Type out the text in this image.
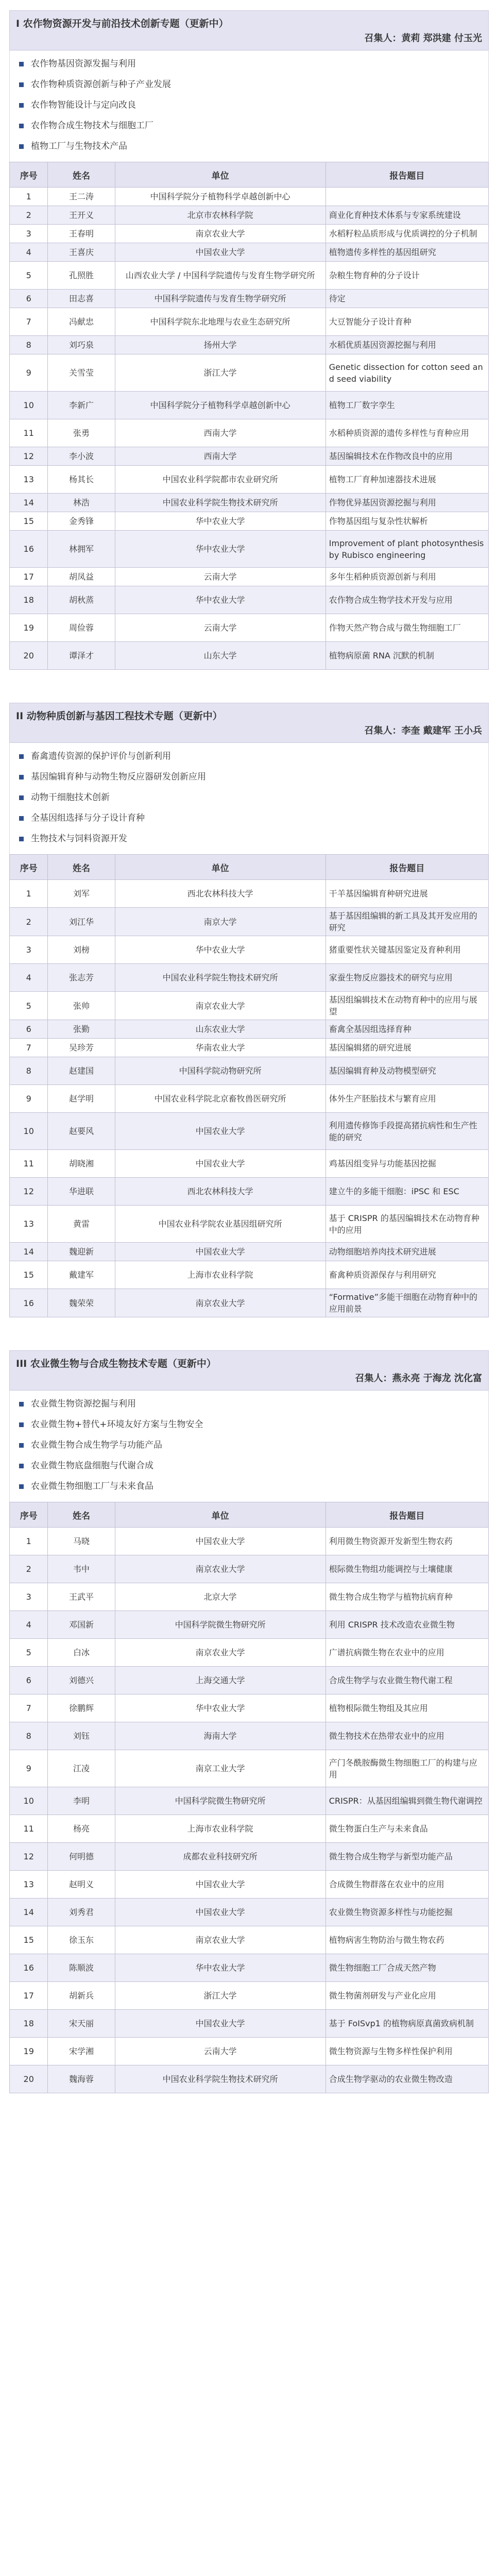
I 农作物资源开发与前沿技术创新专题（更新中）
召集人：黄莉 郑洪建 付玉光
农作物基因资源发掘与利用
农作物种质资源创新与种子产业发展
农作物智能设计与定向改良
农作物合成生物技术与细胞工厂
植物工厂与生物技术产品
序号	姓名	单位	报告题目
1	王二涛	中国科学院分子植物科学卓越创新中心	
2	王开义	北京市农林科学院	商业化育种技术体系与专家系统建设
3	王春明	南京农业大学	水稻籽粒品质形成与优质调控的分子机制
4	王喜庆	中国农业大学	植物遗传多样性的基因组研究
5	孔照胜	山西农业大学 / 中国科学院遗传与发育生物学研究所	杂粮生物育种的分子设计
6	田志喜	中国科学院遗传与发育生物学研究所	待定
7	冯献忠	中国科学院东北地理与农业生态研究所	大豆智能分子设计育种
8	刘巧泉	扬州大学	水稻优质基因资源挖掘与利用
9	关雪莹	浙江大学	Genetic dissection for cotton seed and seed viability
10	李新广	中国科学院分子植物科学卓越创新中心	植物工厂数字孪生
11	张勇	西南大学	水稻种质资源的遗传多样性与育种应用
12	李小波	西南大学	基因编辑技术在作物改良中的应用
13	杨其长	中国农业科学院都市农业研究所	植物工厂育种加速器技术进展
14	林浩	中国农业科学院生物技术研究所	作物优异基因资源挖掘与利用
15	金秀锋	华中农业大学	作物基因组与复杂性状解析
16	林拥军	华中农业大学	Improvement of plant photosynthesis by Rubisco engineering
17	胡凤益	云南大学	多年生稻种质资源创新与利用
18	胡秋蒸	华中农业大学	农作物合成生物学技术开发与应用
19	周俭蓉	云南大学	作物天然产物合成与微生物细胞工厂
20	谭泽才	山东大学	植物病原菌 RNA 沉默的机制
II 动物种质创新与基因工程技术专题（更新中）
召集人：李奎 戴建军 王小兵
畜禽遗传资源的保护评价与创新利用
基因编辑育种与动物生物反应器研发创新应用
动物干细胞技术创新
全基因组选择与分子设计育种
生物技术与饲料资源开发
序号	姓名	单位	报告题目
1	刘军	西北农林科技大学	干羊基因编辑育种研究进展
2	刘江华	南京大学	基于基因组编辑的新工具及其开发应用的研究
3	刘榜	华中农业大学	猪重要性状关键基因鉴定及育种利用
4	张志芳	中国农业科学院生物技术研究所	家蚕生物反应器技术的研究与应用
5	张帅	南京农业大学	基因组编辑技术在动物育种中的应用与展望
6	张勤	山东农业大学	畜禽全基因组选择育种
7	吴珍芳	华南农业大学	基因编辑猪的研究进展
8	赵建国	中国科学院动物研究所	基因编辑育种及动物模型研究
9	赵学明	中国农业科学院北京畜牧兽医研究所	体外生产胚胎技术与繁育应用
10	赵要风	中国农业大学	利用遗传修饰手段提高猪抗病性和生产性能的研究
11	胡晓湘	中国农业大学	鸡基因组变异与功能基因挖掘
12	华进联	西北农林科技大学	建立牛的多能干细胞：iPSC 和 ESC
13	黄雷	中国农业科学院农业基因组研究所	基于 CRISPR 的基因编辑技术在动物育种中的应用
14	魏迎新	中国农业大学	动物细胞培养肉技术研究进展
15	戴建军	上海市农业科学院	畜禽种质资源保存与利用研究
16	魏荣荣	南京农业大学	“Formative”多能干细胞在动物育种中的应用前景
III 农业微生物与合成生物技术专题（更新中）
召集人：燕永亮 于海龙 沈化富
农业微生物资源挖掘与利用
农业微生物+替代+环境友好方案与生物安全
农业微生物合成生物学与功能产品
农业微生物底盘细胞与代谢合成
农业微生物细胞工厂与未来食品
序号	姓名	单位	报告题目
1	马晓	中国农业大学	利用微生物资源开发新型生物农药
2	韦中	南京农业大学	根际微生物组功能调控与土壤健康
3	王武平	北京大学	微生物合成生物学与植物抗病育种
4	邓国新	中国科学院微生物研究所	利用 CRISPR 技术改造农业微生物
5	白冰	南京农业大学	广谱抗病微生物在农业中的应用
6	刘德兴	上海交通大学	合成生物学与农业微生物代谢工程
7	徐鹏辉	华中农业大学	植物根际微生物组及其应用
8	刘钰	海南大学	微生物技术在热带农业中的应用
9	江凌	南京工业大学	产门冬酰胺酶微生物细胞工厂的构建与应用
10	李明	中国科学院微生物研究所	CRISPR：从基因组编辑到微生物代谢调控
11	杨亮	上海市农业科学院	微生物蛋白生产与未来食品
12	何明德	成都农业科技研究所	微生物合成生物学与新型功能产品
13	赵明义	中国农业大学	合成微生物群落在农业中的应用
14	刘秀君	中国农业大学	农业微生物资源多样性与功能挖掘
15	徐玉东	南京农业大学	植物病害生物防治与微生物农药
16	陈顺波	华中农业大学	微生物细胞工厂合成天然产物
17	胡新兵	浙江大学	微生物菌剂研发与产业化应用
18	宋天丽	中国农业大学	基于 FoISvp1 的植物病原真菌致病机制
19	宋学湘	云南大学	微生物资源与生物多样性保护利用
20	魏海蓉	中国农业科学院生物技术研究所	合成生物学驱动的农业微生物改造
